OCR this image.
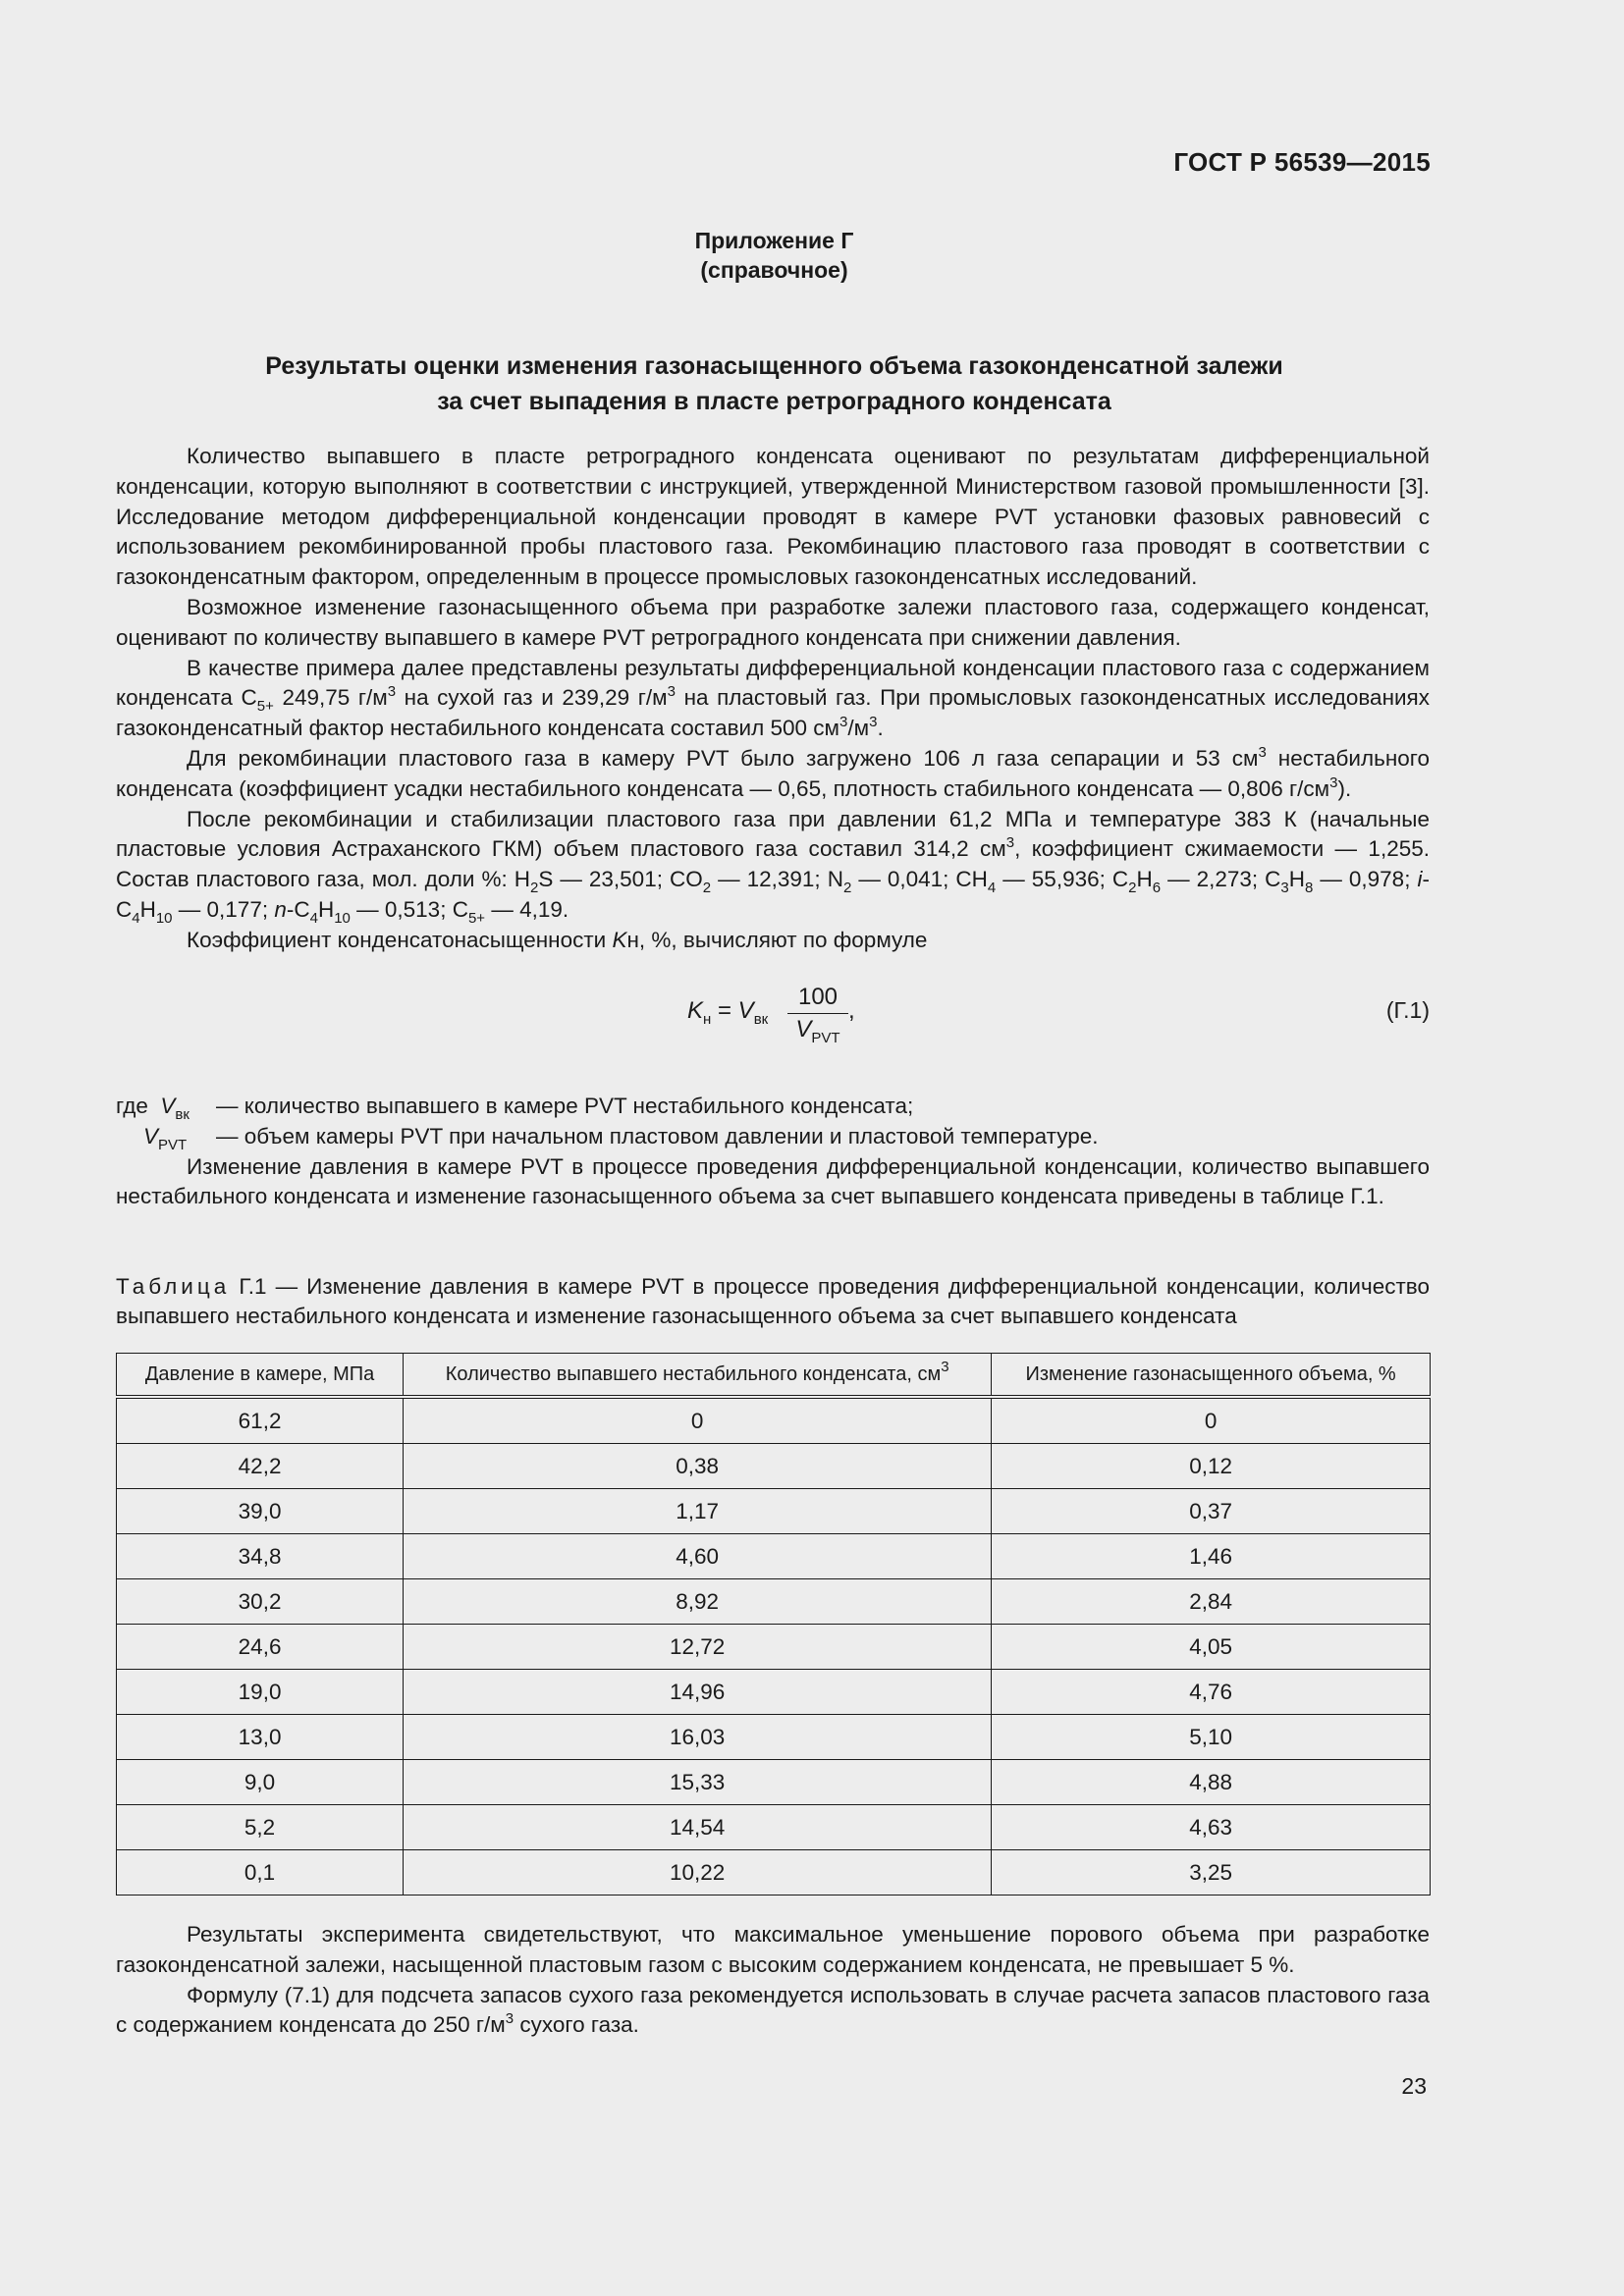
ГОСТ Р 56539—2015
Приложение Г
(справочное)
Результаты оценки изменения газонасыщенного объема газоконденсатной залежи
за счет выпадения в пласте ретроградного конденсата

Количество выпавшего в пласте ретроградного конденсата оценивают по результатам дифференциальной конденсации, которую выполняют в соответствии с инструкцией, утвержденной Министерством газовой промышленности [3]. Исследование методом дифференциальной конденсации проводят в камере PVT установки фазовых равновесий с использованием рекомбинированной пробы пластового газа. Рекомбинацию пластового газа проводят в соответствии с газоконденсатным фактором, определенным в процессе промысловых газоконденсатных исследований.

Возможное изменение газонасыщенного объема при разработке залежи пластового газа, содержащего конденсат, оценивают по количеству выпавшего в камере PVT ретроградного конденсата при снижении давления.

В качестве примера далее представлены результаты дифференциальной конденсации пластового газа с содержанием конденсата $С_{5+}$ 249,75 $г/м^3$ на сухой газ и 239,29 $г/м^3$ на пластовый газ. При промысловых газоконденсатных исследованиях газоконденсатный фактор нестабильного конденсата составил 500 $см^3/м^3$.

Для рекомбинации пластового газа в камеру PVT было загружено 106 л газа сепарации и 53 $см^3$ нестабильного конденсата (коэффициент усадки нестабильного конденсата — 0,65, плотность стабильного конденсата — 0,806 $г/см^3$).

После рекомбинации и стабилизации пластового газа при давлении 61,2 МПа и температуре 383 К (начальные пластовые условия Астраханского ГКМ) объем пластового газа составил 314,2 $см^3$, коэффициент сжимаемости — 1,255. Состав пластового газа, мол. доли %: $H_2S$ — 23,501; $CO_2$ — 12,391; $N_2$ — 0,041; $CH_4$ — 55,936; $C_2H_6$ — 2,273; $C_3H_8$ — 0,978; $i-C_4H_{10}$ — 0,177; $n-C_4H_{10}$ — 0,513; $C_{5+}$ — 4,19.

Коэффициент конденсатонасыщенности Kн, %, вычисляют по формуле

$K_н = V_{вк}$
100
$V_{PVT}$
,	(Г.1)
где $V_{вк}$ — количество выпавшего в камере PVT нестабильного конденсата;
$V_{PVT}$ — объем камеры PVT при начальном пластовом давлении и пластовой температуре.

Изменение давления в камере PVT в процессе проведения дифференциальной конденсации, количество выпавшего нестабильного конденсата и изменение газонасыщенного объема за счет выпавшего конденсата приведены в таблице Г.1.

Таблица Г.1 — Изменение давления в камере PVT в процессе проведения дифференциальной конденсации, количество выпавшего нестабильного конденсата и изменение газонасыщенного объема за счет выпавшего конденсата
Давление в камере, МПа	Количество выпавшего нестабильного конденсата, $см^3$	Изменение газонасыщенного объема, %
61,2	0	0
42,2	0,38	0,12
39,0	1,17	0,37
34,8	4,60	1,46
30,2	8,92	2,84
24,6	12,72	4,05
19,0	14,96	4,76
13,0	16,03	5,10
9,0	15,33	4,88
5,2	14,54	4,63
0,1	10,22	3,25

Результаты эксперимента свидетельствуют, что максимальное уменьшение порового объема при разработке газоконденсатной залежи, насыщенной пластовым газом с высоким содержанием конденсата, не превышает 5 %.

Формулу (7.1) для подсчета запасов сухого газа рекомендуется использовать в случае расчета запасов пластового газа с содержанием конденсата до 250 $г/м^3$ сухого газа.

23
